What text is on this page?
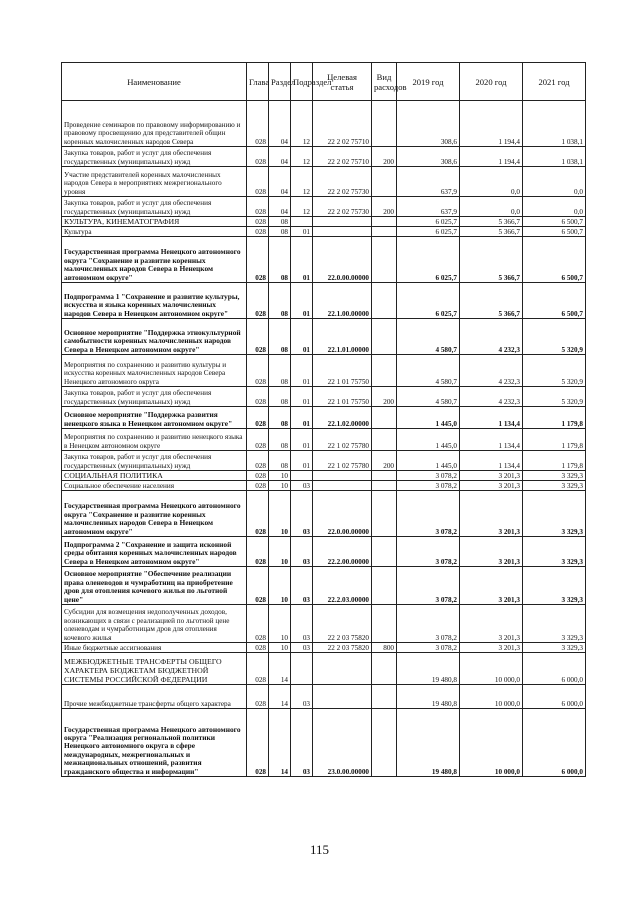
Наименование	Глава	Раздел	Подраздел	Целевая статья	Вид расходов	2019 год	2020 год	2021 год
Проведение семинаров по правовому информированию и правовому просвещению для представителей общин коренных малочисленных народов Севера	028	04	12	22 2 02 75710		308,6	1 194,4	1 038,1
Закупка товаров, работ и услуг для обеспечения государственных (муниципальных) нужд	028	04	12	22 2 02 75710	200	308,6	1 194,4	1 038,1
Участие представителей коренных малочисленных народов Севера в мероприятиях межрегионального уровня	028	04	12	22 2 02 75730		637,9	0,0	0,0
Закупка товаров, работ и услуг для обеспечения государственных (муниципальных) нужд	028	04	12	22 2 02 75730	200	637,9	0,0	0,0
КУЛЬТУРА, КИНЕМАТОГРАФИЯ	028	08				6 025,7	5 366,7	6 500,7
Культура	028	08	01			6 025,7	5 366,7	6 500,7
Государственная программа Ненецкого автономного округа "Сохранение и развитие коренных малочисленных народов Севера в Ненецком автономном округе"	028	08	01	22.0.00.00000		6 025,7	5 366,7	6 500,7
Подпрограмма 1 "Сохранение и развитие культуры, искусства и языка коренных малочисленных народов Севера в Ненецком автономном округе"	028	08	01	22.1.00.00000		6 025,7	5 366,7	6 500,7
Основное мероприятие "Поддержка этнокультурной самобытности коренных малочисленных народов Севера в Ненецком автономном округе"	028	08	01	22.1.01.00000		4 580,7	4 232,3	5 320,9
Мероприятия по сохранению и развитию культуры и искусства коренных малочисленных народов Севера Ненецкого автономного округа	028	08	01	22 1 01 75750		4 580,7	4 232,3	5 320,9
Закупка товаров, работ и услуг для обеспечения государственных (муниципальных) нужд	028	08	01	22 1 01 75750	200	4 580,7	4 232,3	5 320,9
Основное мероприятие "Поддержка развития ненецкого языка в Ненецком автономном округе"	028	08	01	22.1.02.00000		1 445,0	1 134,4	1 179,8
Мероприятия по сохранению и развитию ненецкого языка в Ненецком автономном округе	028	08	01	22 1 02 75780		1 445,0	1 134,4	1 179,8
Закупка товаров, работ и услуг для обеспечения государственных (муниципальных) нужд	028	08	01	22 1 02 75780	200	1 445,0	1 134,4	1 179,8
СОЦИАЛЬНАЯ ПОЛИТИКА	028	10				3 078,2	3 201,3	3 329,3
Социальное обеспечение населения	028	10	03			3 078,2	3 201,3	3 329,3
Государственная программа Ненецкого автономного округа "Сохранение и развитие коренных малочисленных народов Севера в Ненецком автономном округе"	028	10	03	22.0.00.00000		3 078,2	3 201,3	3 329,3
Подпрограмма 2 "Сохранение и защита исконной среды обитания коренных малочисленных народов Севера в Ненецком автономном округе"	028	10	03	22.2.00.00000		3 078,2	3 201,3	3 329,3
Основное мероприятие "Обеспечение реализации права оленеводов и чумработниц на приобретение дров для отопления кочевого жилья по льготной цене"	028	10	03	22.2.03.00000		3 078,2	3 201,3	3 329,3
Субсидии для возмещения недополученных доходов, возникающих в связи с реализацией по льготной цене оленеводам и чумработницам дров для отопления кочевого жилья	028	10	03	22 2 03 75820		3 078,2	3 201,3	3 329,3
Иные бюджетные ассигнования	028	10	03	22 2 03 75820	800	3 078,2	3 201,3	3 329,3
МЕЖБЮДЖЕТНЫЕ ТРАНСФЕРТЫ ОБЩЕГО ХАРАКТЕРА БЮДЖЕТАМ БЮДЖЕТНОЙ СИСТЕМЫ РОССИЙСКОЙ ФЕДЕРАЦИИ	028	14				19 480,8	10 000,0	6 000,0
Прочие межбюджетные трансферты общего характера	028	14	03			19 480,8	10 000,0	6 000,0
Государственная программа Ненецкого автономного округа "Реализация региональной политики Ненецкого автономного округа в сфере международных, межрегиональных и межнациональных отношений, развития гражданского общества и информации"	028	14	03	23.0.00.00000		19 480,8	10 000,0	6 000,0
115
